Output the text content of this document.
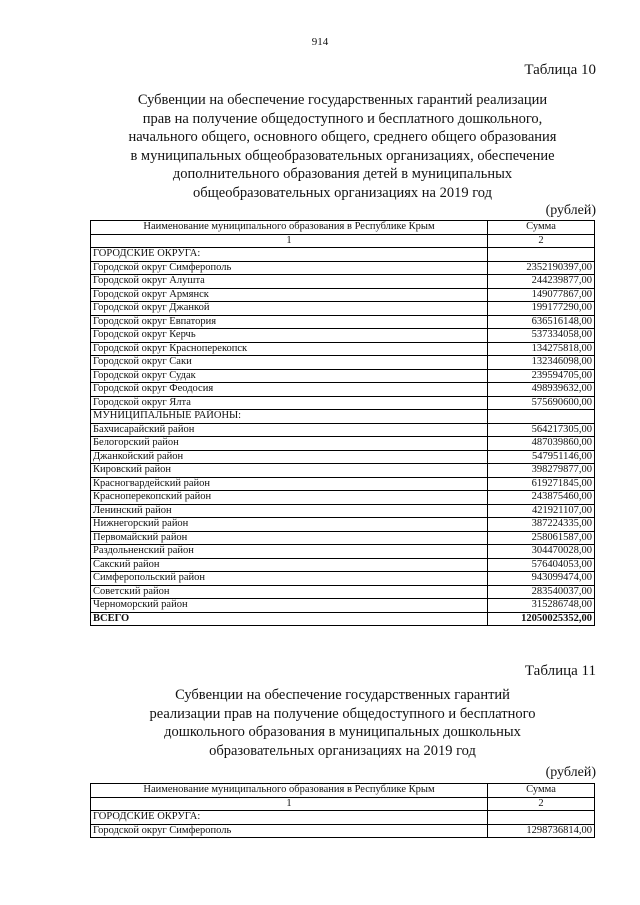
914
Таблица 10
Субвенции на обеспечение государственных гарантий реализации
прав на получение общедоступного и бесплатного дошкольного,
начального общего, основного общего, среднего общего образования
в муниципальных общеобразовательных организациях, обеспечение
дополнительного образования детей в муниципальных
общеобразовательных организациях на 2019 год
(рублей)
Наименование муниципального образования в Республике Крым	Сумма
1	2
ГОРОДСКИЕ ОКРУГА:	
Городской округ Симферополь	2352190397,00
Городской округ Алушта	244239877,00
Городской округ Армянск	149077867,00
Городской округ Джанкой	199177290,00
Городской округ Евпатория	636516148,00
Городской округ Керчь	537334058,00
Городской округ Красноперекопск	134275818,00
Городской округ Саки	132346098,00
Городской округ Судак	239594705,00
Городской округ Феодосия	498939632,00
Городской округ Ялта	575690600,00
МУНИЦИПАЛЬНЫЕ РАЙОНЫ:	
Бахчисарайский район	564217305,00
Белогорский район	487039860,00
Джанкойский район	547951146,00
Кировский район	398279877,00
Красногвардейский район	619271845,00
Красноперекопский район	243875460,00
Ленинский район	421921107,00
Нижнегорский район	387224335,00
Первомайский район	258061587,00
Раздольненский район	304470028,00
Сакский район	576404053,00
Симферопольский район	943099474,00
Советский район	283540037,00
Черноморский район	315286748,00
ВСЕГО	12050025352,00
Таблица 11
Субвенции на обеспечение государственных гарантий
реализации прав на получение общедоступного и бесплатного
дошкольного образования в муниципальных дошкольных
образовательных организациях на 2019 год
(рублей)
Наименование муниципального образования в Республике Крым	Сумма
1	2
ГОРОДСКИЕ ОКРУГА:	
Городской округ Симферополь	1298736814,00
